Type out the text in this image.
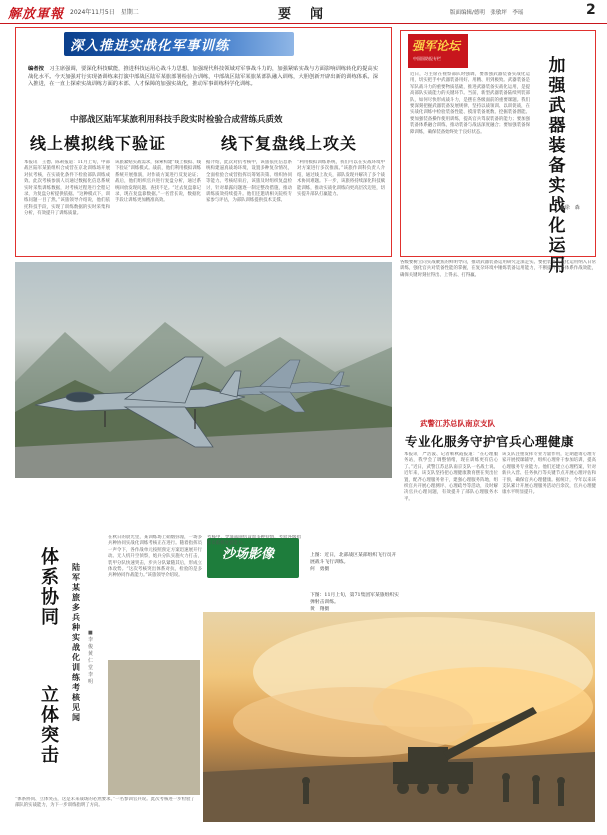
解放軍報 2024年11月5日　星期二	要　闻	版面编辑/德明　张敏坪　李瑶	2
深入推进实战化军事训练
编者按　习主席强调，要深化科技赋能，推进科技运用心战斗力思想，加强现代科技领域对军事战斗力的，加强紧贴实战与方面影响训练转化的提高实战化水平。今天加强对行实现备训练来打演中部战区陆军某旅部署检验合训练，中部战区陆军某旅某部队融入训练，大胆创新开辟出新的训练体系。深入推进，在一直上探索实战训练方面的本部、人才保障的加强实战化，推动军事训练科学化训练。
中部战区陆军某旅利用科技手段实时检验合成营练兵质效
线上模拟线下验证	线下复盘线上攻关
本报讯　王德、陈莉报道：11月上旬，中部战区陆军某旅组织合成营在京北训练场开展对抗考核，在实战化条件下检验部队训练成效。此次考核参演人员通过数据化信息系统实时采集训练数据，对考核过程进行全程记录，为复盘分析提供依据。“这种模式下，训练问题一目了然。”该旅领导介绍说，他们依托科技手段，实现了训练数据的实时采集和分析，有效提升了训练质量。
该旅紧贴实战需求，探索构建“线上模拟、线下验证”训练模式。战前，他们利用模拟训练系统开展推演，对作战方案进行反复论证；战后，他们组织官兵进行复盘分析，通过系统回放发现问题、查找不足。“过去复盘靠记录，现在复盘靠数据。”一名营长说，数据化手段让训练更加精准高效。
据介绍，此次对抗考核中，该旅依托信息系统构建逼真战场环境，设置多种复杂情况，全面检验合成营指挥员筹划决策、组织协同等能力。考核结束后，该旅及时组织复盘检讨，针对暴露问题逐一制定整改措施，推动训练质效持续提升。他们还邀请相关院校专家参与评估，为部队训练提供技术支撑。
“利用模拟训练系统，我们可以在实战环境中对方案进行多次推演。”该旅作训科负责人介绍，通过线上攻关，部队发现并解决了多个战术协同难题。下一步，该旅将持续深化科技赋能训练，推动实战化训练向更高层次迈进，切实提升部队打赢能力。
强军论坛
中国国防报专栏
近日，习主席在视察部队时强调，要加强武器装备实战化运用，切实把手中武器装备用好、用精、用到极致。武器装备是军队战斗力的重要物质基础，推进武器装备实战化运用，是提高部队实战能力的关键环节。当前，新型武器装备陆续列装部队，如何尽快形成战斗力，是摆在各级面前的重要课题。我们要深刻把握武器装备发展规律，坚持以战领训、以训促战，在实战化训练中检验装备性能、摸清装备底数、挖掘装备潜能。要加强装备操作使用训练，提高官兵驾驭装备的能力；要加强装备体系融合训练，推动装备与战法深度融合；要加强装备保障训练，确保装备始终处于良好状态。
加强武器装备实战化运用
■徐　森
各级要树立向实战聚焦的鲜明导向，推动武器装备运用研究走深走实。要把装备实战化运用纳入日常训练，强化官兵对装备性能的掌握，在复杂环境中锤炼装备运用能力，不断提升装备体系作战效能，确保关键时刻拉得出、上得去、打得赢。
武警江苏总队南京支队
专业化服务守护官兵心理健康
本报讯　严浩波、记者靳秋霞报道：“在心理服务站，我学会了调整情绪，现在训练更有信心了。”近日，武警江苏总队南京支队一名战士说。近年来，该支队坚持把心理健康教育摆在突出位置，配齐心理服务骨干，建强心理服务阵地，组织官兵开展心理测评、心理疏导等活动，及时解决官兵心理问题，有效提升了部队心理服务水平。
该支队注重发挥专业力量作用，定期邀请心理专家开展授课辅导，组织心理骨干参加培训，提高心理服务专业能力。他们还建立心理档案，针对新兵入营、任务执行等关键节点开展心理评估和干预，确保官兵心理健康。据统计，今年以来该支队累计开展心理服务活动百余次，官兵心理健康水平明显提升。
沙场影像	上图：近日，北部战区某部组织飞行员开展战斗飞行训练。
何　勇摄
下图：11月上旬，第71集团军某旅组织实弹射击训练。
黄　翔摄
体系协同
立体突击
陆军某旅多兵种实战化训练考核见闻
■李　俊　黄仁堂　李　明
在秋日的晨光里，某训练场上硝烟弥漫，一场多兵种协同实战化训练考核正在进行。随着指挥员一声令下，各作战单元按照预定方案迅速展开行动。无人机升空侦察，炮兵分队实施火力打击，装甲分队快速突击，步兵分队紧随其后，形成立体攻势。“这次考核突出体系对抗，检验的是多兵种协同作战能力。”该旅领导介绍说。
考核中，导演部随机设置多种特情，考验各级指挥员临机处置能力。
“体系协同、立体突击，这是未来战场的必然要求。”一名参训官兵说。此次考核进一步检验了部队的实战能力，为下一步训练指明了方向。
